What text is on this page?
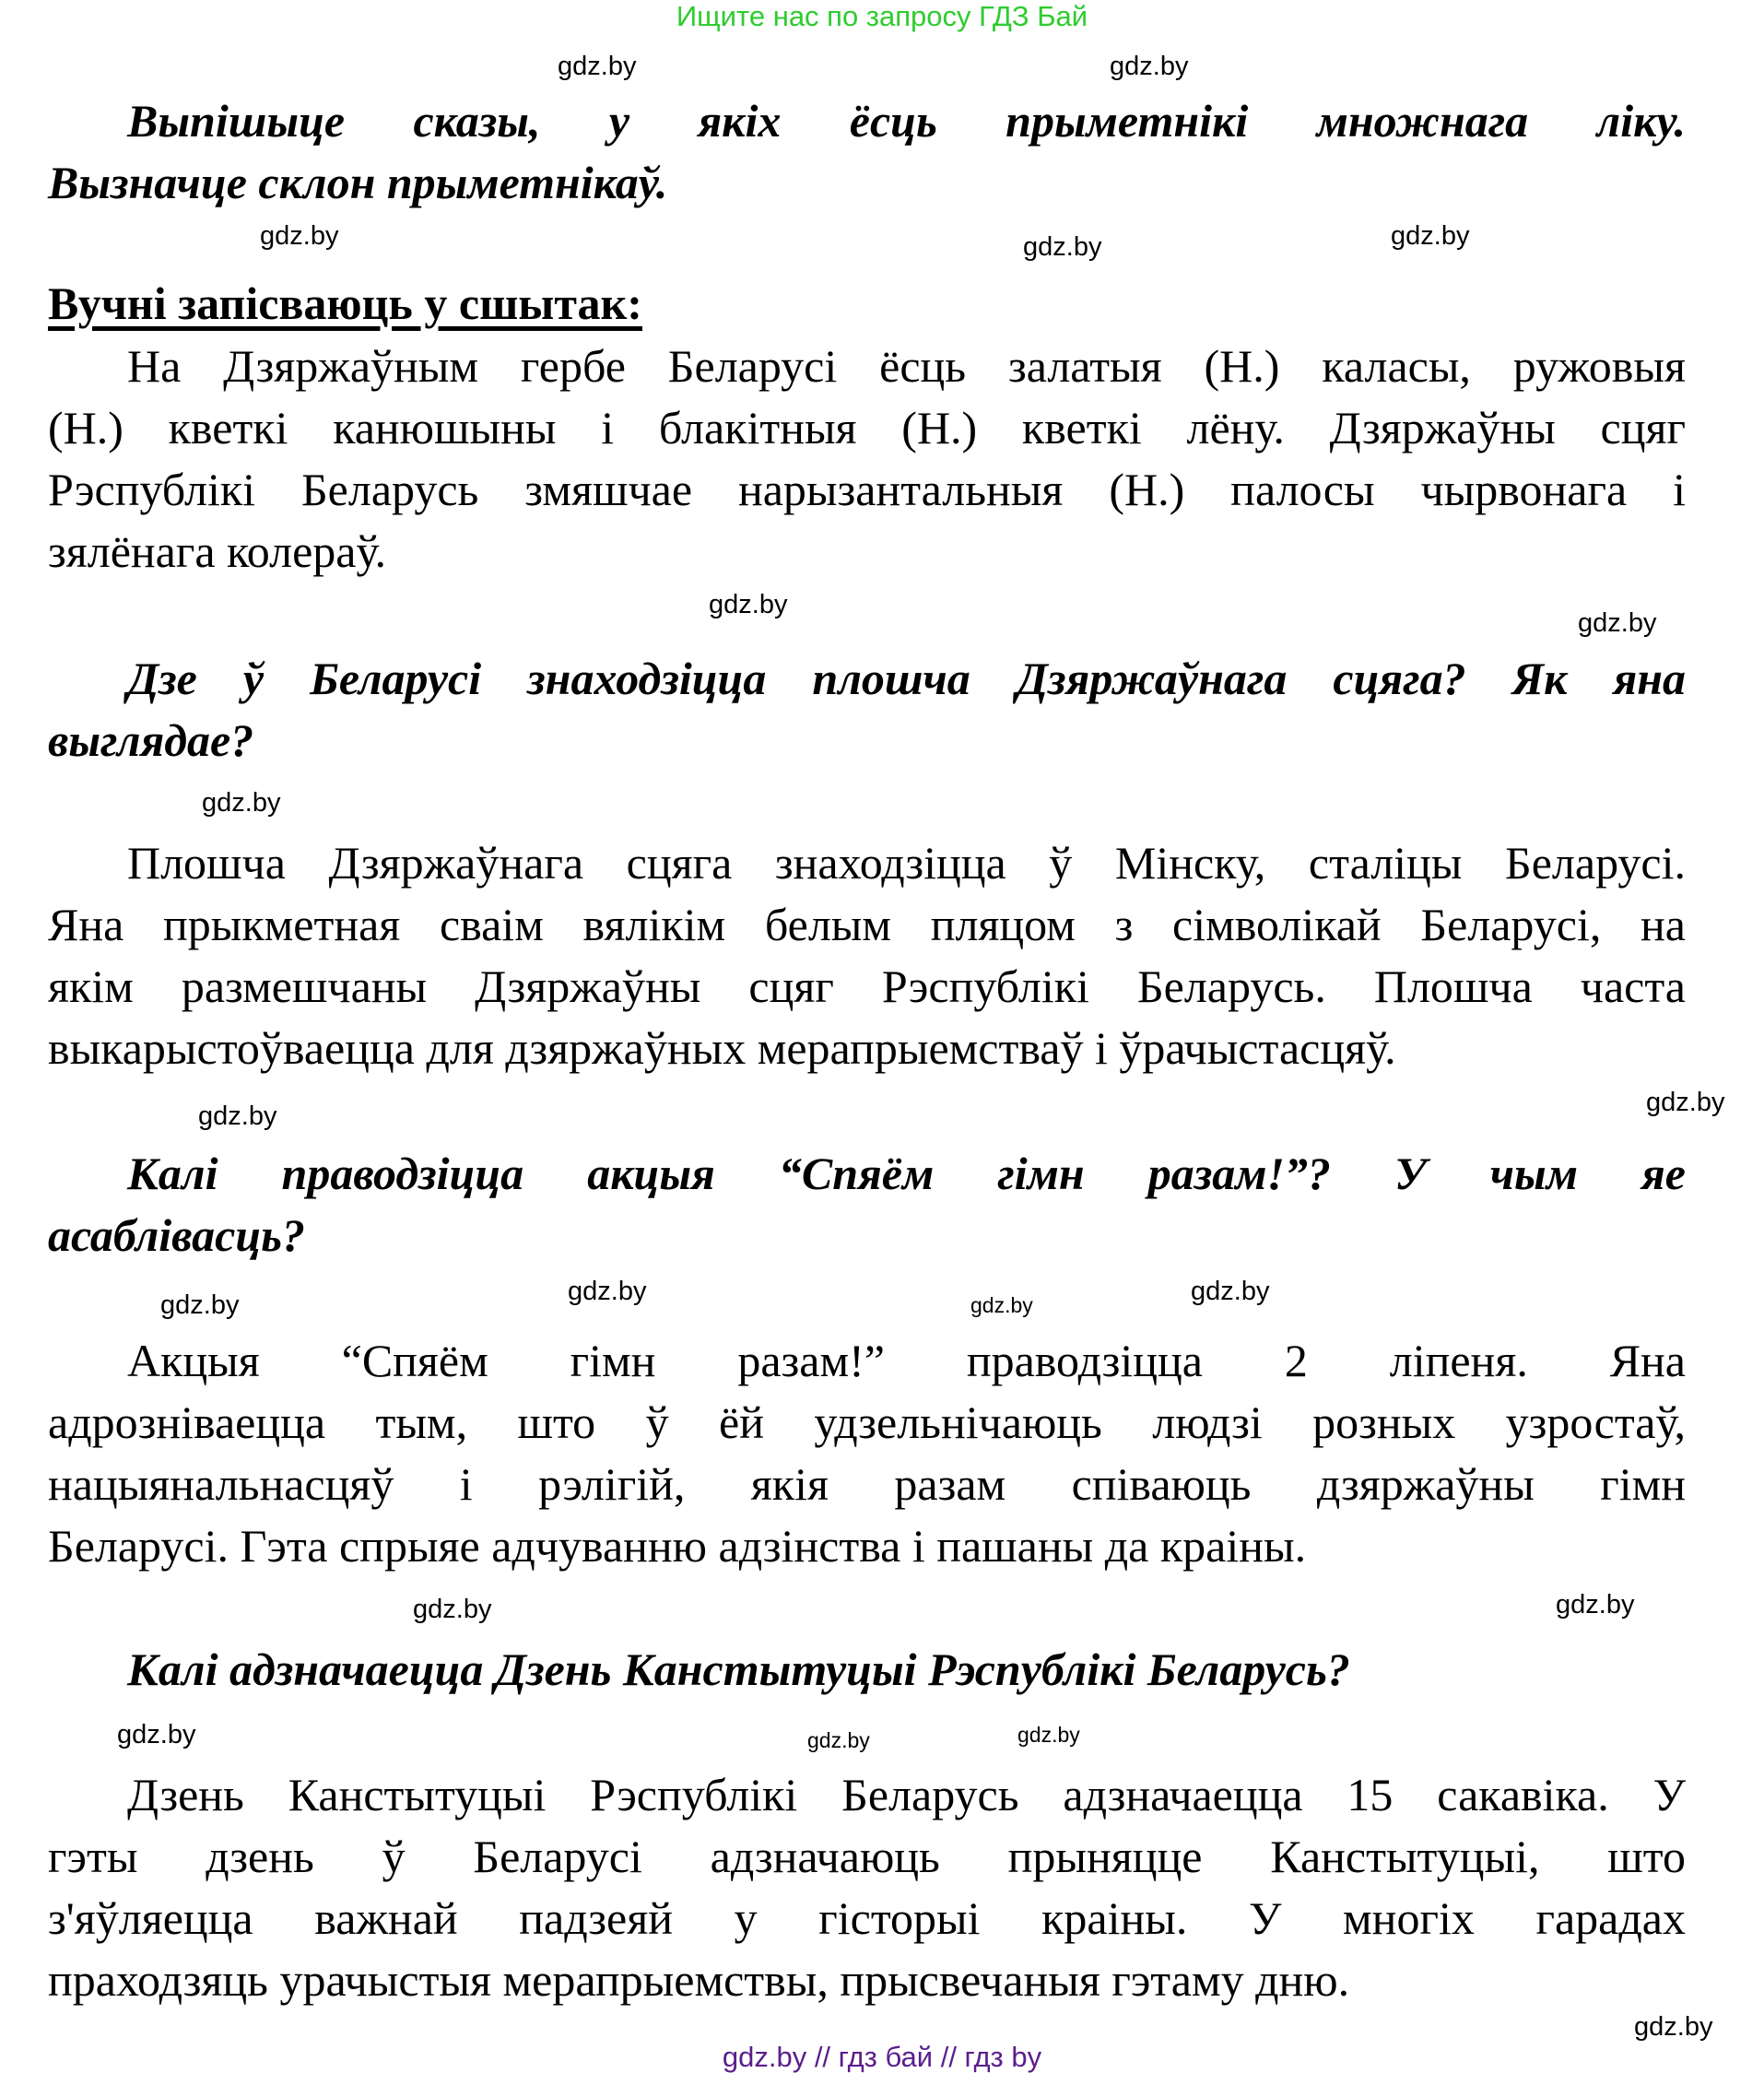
Ищите нас по запросу ГДЗ Бай
Выпішыце сказы, у якіх ёсць прыметнікі множнага ліку.
Вызначце склон прыметнікаў.
Вучні запісваюць у сшытак:
На Дзяржаўным гербе Беларусі ёсць залатыя (Н.) каласы, ружовыя
(Н.) кветкі канюшыны і блакітныя (Н.) кветкі лёну. Дзяржаўны сцяг
Рэспублікі Беларусь змяшчае нарызантальныя (Н.) палосы чырвонага і
зялёнага колераў.
Дзе ў Беларусі знаходзіцца плошча Дзяржаўнага сцяга? Як яна
выглядае?
Плошча Дзяржаўнага сцяга знаходзіцца ў Мінску, сталіцы Беларусі.
Яна прыкметная сваім вялікім белым пляцом з сімволікай Беларусі, на
якім размешчаны Дзяржаўны сцяг Рэспублікі Беларусь. Плошча часта
выкарыстоўваецца для дзяржаўных мерапрыемстваў і ўрачыстасцяў.
Калі праводзіцца акцыя “Спяём гімн разам!”? У чым яе
асаблівасць?
Акцыя “Спяём гімн разам!” праводзіцца 2 ліпеня. Яна
адрозніваецца тым, што ў ёй удзельнічаюць людзі розных узростаў,
нацыянальнасцяў і рэлігій, якія разам співаюць дзяржаўны гімн
Беларусі. Гэта спрыяе адчуванню адзінства і пашаны да краіны.
Калі адзначаецца Дзень Канстытуцыі Рэспублікі Беларусь?
Дзень Канстытуцыі Рэспублікі Беларусь адзначаецца 15 сакавіка. У
гэты дзень ў Беларусі адзначаюць прыняцце Канстытуцыі, што
з'яўляецца важнай падзеяй у гісторыі краіны. У многіх гарадах
праходзяць урачыстыя мерапрыемствы, прысвечаныя гэтаму дню.
gdz.by	gdz.by
gdz.by	gdz.by
gdz.by
gdz.by
gdz.by
gdz.by
gdz.by
gdz.by
gdz.by
gdz.by
gdz.by	gdz.by
gdz.by
gdz.by
gdz.by	gdz.by
gdz.by
gdz.by
gdz.by // гдз бай // гдз by
